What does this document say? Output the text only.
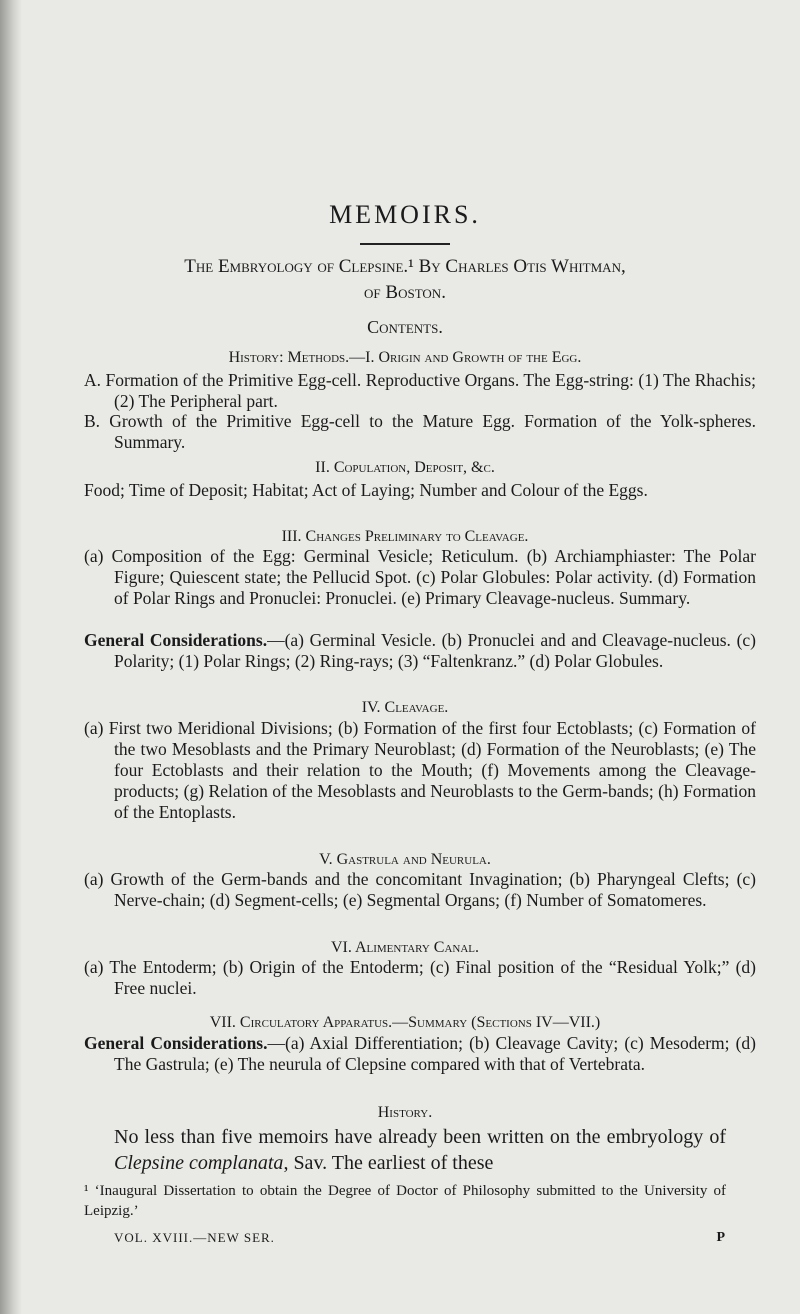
MEMOIRS.
The Embryology of Clepsine.¹ By Charles Otis Whitman,
of Boston.
Contents.
History: Methods.—I. Origin and Growth of the Egg.
A. Formation of the Primitive Egg-cell. Reproductive Organs. The Egg-string: (1) The Rhachis; (2) The Peripheral part.
B. Growth of the Primitive Egg-cell to the Mature Egg. Formation of the Yolk-spheres. Summary.
II. Copulation, Deposit, &c.
Food; Time of Deposit; Habitat; Act of Laying; Number and Colour of the Eggs.
III. Changes Preliminary to Cleavage.
(a) Composition of the Egg: Germinal Vesicle; Reticulum. (b) Archiamphiaster: The Polar Figure; Quiescent state; the Pellucid Spot. (c) Polar Globules: Polar activity. (d) Formation of Polar Rings and Pronuclei: Pronuclei. (e) Primary Cleavage-nucleus. Summary.
General Considerations.—(a) Germinal Vesicle. (b) Pronuclei and and Cleavage-nucleus. (c) Polarity; (1) Polar Rings; (2) Ring-rays; (3) “Faltenkranz.” (d) Polar Globules.
IV. Cleavage.
(a) First two Meridional Divisions; (b) Formation of the first four Ectoblasts; (c) Formation of the two Mesoblasts and the Primary Neuroblast; (d) Formation of the Neuroblasts; (e) The four Ectoblasts and their relation to the Mouth; (f) Movements among the Cleavage-products; (g) Relation of the Mesoblasts and Neuroblasts to the Germ-bands; (h) Formation of the Entoplasts.
V. Gastrula and Neurula.
(a) Growth of the Germ-bands and the concomitant Invagination; (b) Pharyngeal Clefts; (c) Nerve-chain; (d) Segment-cells; (e) Segmental Organs; (f) Number of Somatomeres.
VI. Alimentary Canal.
(a) The Entoderm; (b) Origin of the Entoderm; (c) Final position of the “Residual Yolk;” (d) Free nuclei.
VII. Circulatory Apparatus.—Summary (Sections IV—VII.)
General Considerations.—(a) Axial Differentiation; (b) Cleavage Cavity; (c) Mesoderm; (d) The Gastrula; (e) The neurula of Clepsine compared with that of Vertebrata.
History.
No less than five memoirs have already been written on the embryology of Clepsine complanata, Sav. The earliest of these
¹ ‘Inaugural Dissertation to obtain the Degree of Doctor of Philosophy submitted to the University of Leipzig.’
VOL. XVIII.—NEW SER.	P
